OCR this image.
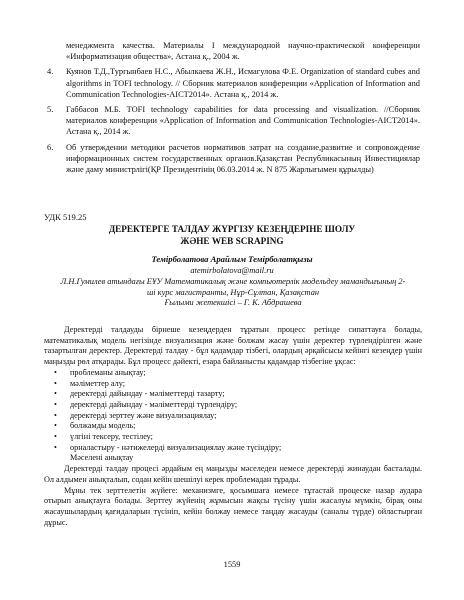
менеджмента качества. Материалы I международной научно-практической конференции «Информатизация общества», Астана қ., 2004 ж.
4.	Куянов Т.Д.,Тургынбаев Н.С., Абылкаева Ж.Н., Исмагулова Ф.Е. Organization of standard cubes and algorithms in TOFI technology. // Сборник материалов конференции «Application of Information and Communication Technologies-AICT2014». Астана қ., 2014 ж.
5.	Габбасов М.Б. TOFI technology capabilities for data processing and visualization. //Сборник материалов конференции «Application of Information and Communication Technologies-AICT2014». Астана қ., 2014 ж.
6.	Об утверждении методики расчетов нормативов затрат на создание,развитие и сопровождение информационных систем государственных органов.Қазақстан Республикасының Инвестициялар және даму министрлігі(ҚР Президентінің 06.03.2014 ж. N 875 Жарлығымен құрылды)
УДК 519.25
ДЕРЕКТЕРГЕ ТАЛДАУ ЖҮРГІЗУ КЕЗЕҢДЕРІНЕ ШОЛУ
ЖӘНЕ WEB SCRAPING
Темірболатова Арайлым Темірболатқызы
atemirbolatova@mail.ru
Л.Н.Гумилев атындағы ЕҰУ Математикалық және компьютерлік модельдеу мамандығының 2-ші курс магистранты, Нұр-Сұлтан, Қазақстан
Ғылыми жетекшісі – Г. К. Абдрашева

Деректерді талдауды бірнеше кезеңдерден тұратын процесс ретінде сипаттауға болады, математикалық модель негізінде визуализация және болжам жасау үшін деректер түрлендірілген және тазартылған деректер. Деректерді талдау - бұл қадамдар тізбегі, олардың әрқайсысы кейінгі кезеңдер үшін маңызды рөл атқарады. Бұл процесс дәйекті, езара байланысты қадамдар тізбегіне ұқсас:

•	проблеманы анықтау;
•	мәліметтер алу;
•	деректерді дайындау - мәліметтерді тазарту;
•	деректерді дайындау - мәліметтерді түрлендіру;
•	деректерді зерттеу және визуализациялау;
•	болжамды модель;
•	үлгіні тексеру, тестілеу;
•	орналастыру - нәтижелерді визуализациялау және түсіндіру;

Мәселені анықтау

Деректерді талдау процесі әрдайым ең маңызды мәселеден немесе деректерді жинаудан басталады. Ол алдымен анықталып, содан кейін шешілуі керек проблемадан тұрады.

Мұны тек зерттелетін жүйеге: механизмге, қосымшаға немесе тұтастай процеске назар аудара отырып анықтауға болады. Зерттеу жүйенің жұмысын жақсы түсіну үшін жасалуы мүмкін, бірақ оны жасаушылардың қағидаларын түсініп, кейін болжау немесе таңдау жасауды (саналы түрде) ойластырған дұрыс.

1559
